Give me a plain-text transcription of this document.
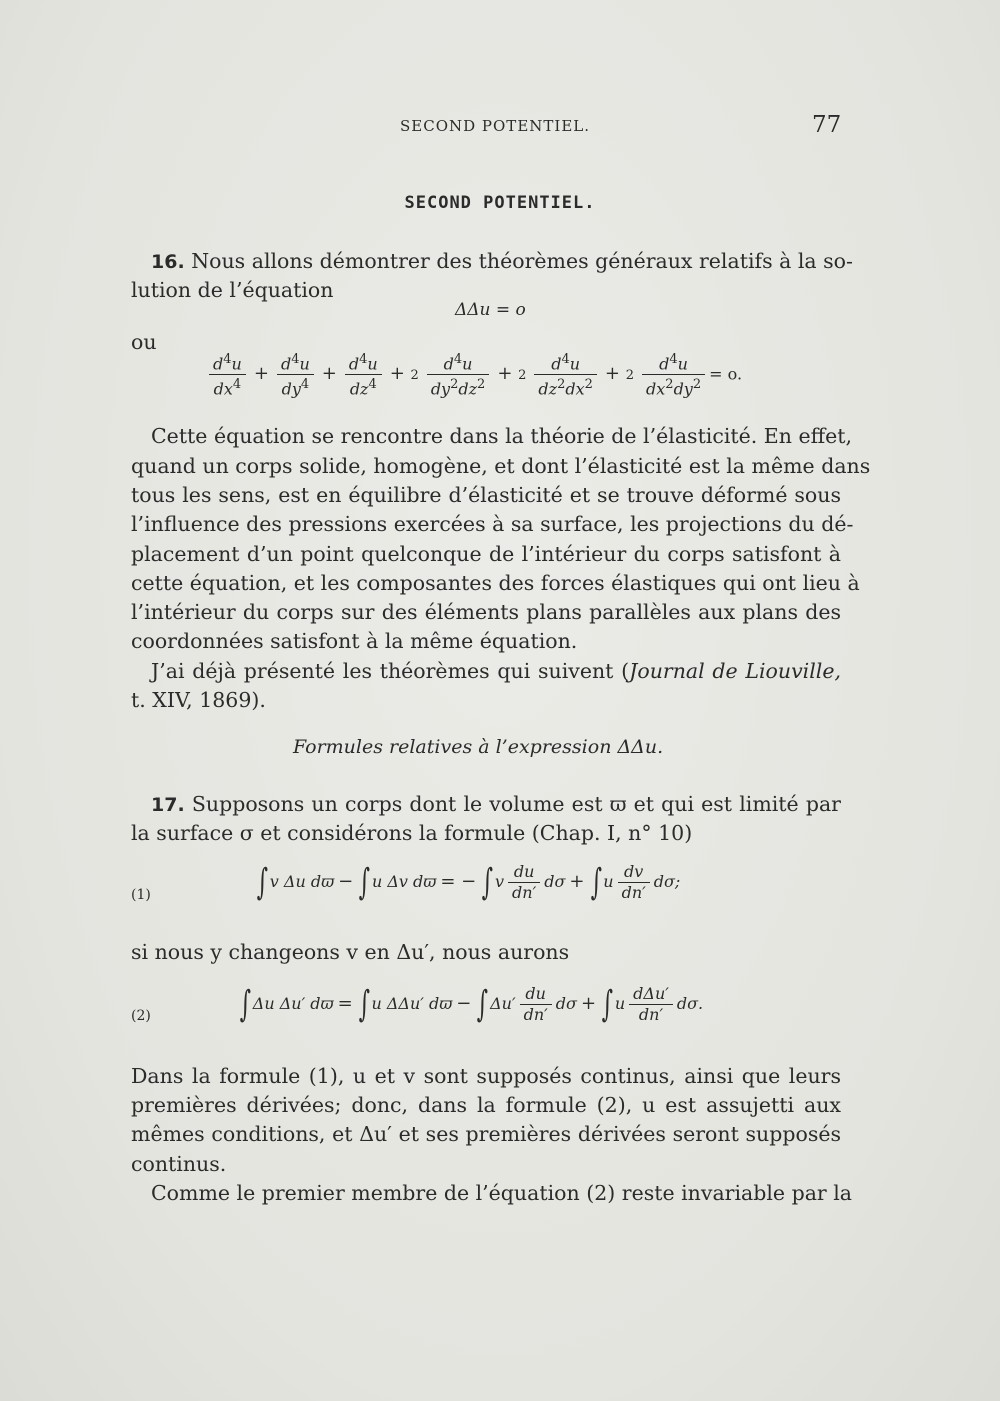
SECOND POTENTIEL.	77
SECOND POTENTIEL.
16. Nous allons démontrer des théorèmes généraux relatifs à la so-
lution de l’équation
ΔΔu = o
ou
$\frac{d^4u}{dx^4} + \frac{d^4u}{dy^4} + \frac{d^4u}{dz^4} + 2 \frac{d^4u}{dy^2dz^2} + 2 \frac{d^4u}{dz^2dx^2} + 2 \frac{d^4u}{dx^2dy^2} = o$.
Cette équation se rencontre dans la théorie de l’élasticité. En effet,
quand un corps solide, homogène, et dont l’élasticité est la même dans
tous les sens, est en équilibre d’élasticité et se trouve déformé sous
l’influence des pressions exercées à sa surface, les projections du dé-
placement d’un point quelconque de l’intérieur du corps satisfont à
cette équation, et les composantes des forces élastiques qui ont lieu à
l’intérieur du corps sur des éléments plans parallèles aux plans des
coordonnées satisfont à la même équation.
J’ai déjà présenté les théorèmes qui suivent (Journal de Liouville,
t. XIV, 1869).
Formules relatives à l’expression ΔΔu.
17. Supposons un corps dont le volume est ϖ et qui est limité par
la surface σ et considérons la formule (Chap. I, n° 10)
(1)	∫ v Δu dϖ − ∫ u Δv dϖ = − ∫ v $\frac{du}{dn'}$ dσ + ∫ u $\frac{dv}{dn'} d\sigma$;
si nous y changeons v en Δu′, nous aurons
(2) ∫ Δu Δu′ dϖ = ∫ u ΔΔu′ dϖ − ∫ $\Delta u' \frac{du}{dn'}$ dσ + ∫ u $\frac{\text{dΔu′}}{dn'} d\sigma$.
Dans la formule (1), u et v sont supposés continus, ainsi que leurs
premières dérivées; donc, dans la formule (2), u est assujetti aux
mêmes conditions, et Δu′ et ses premières dérivées seront supposés
continus.
Comme le premier membre de l’équation (2) reste invariable par la
